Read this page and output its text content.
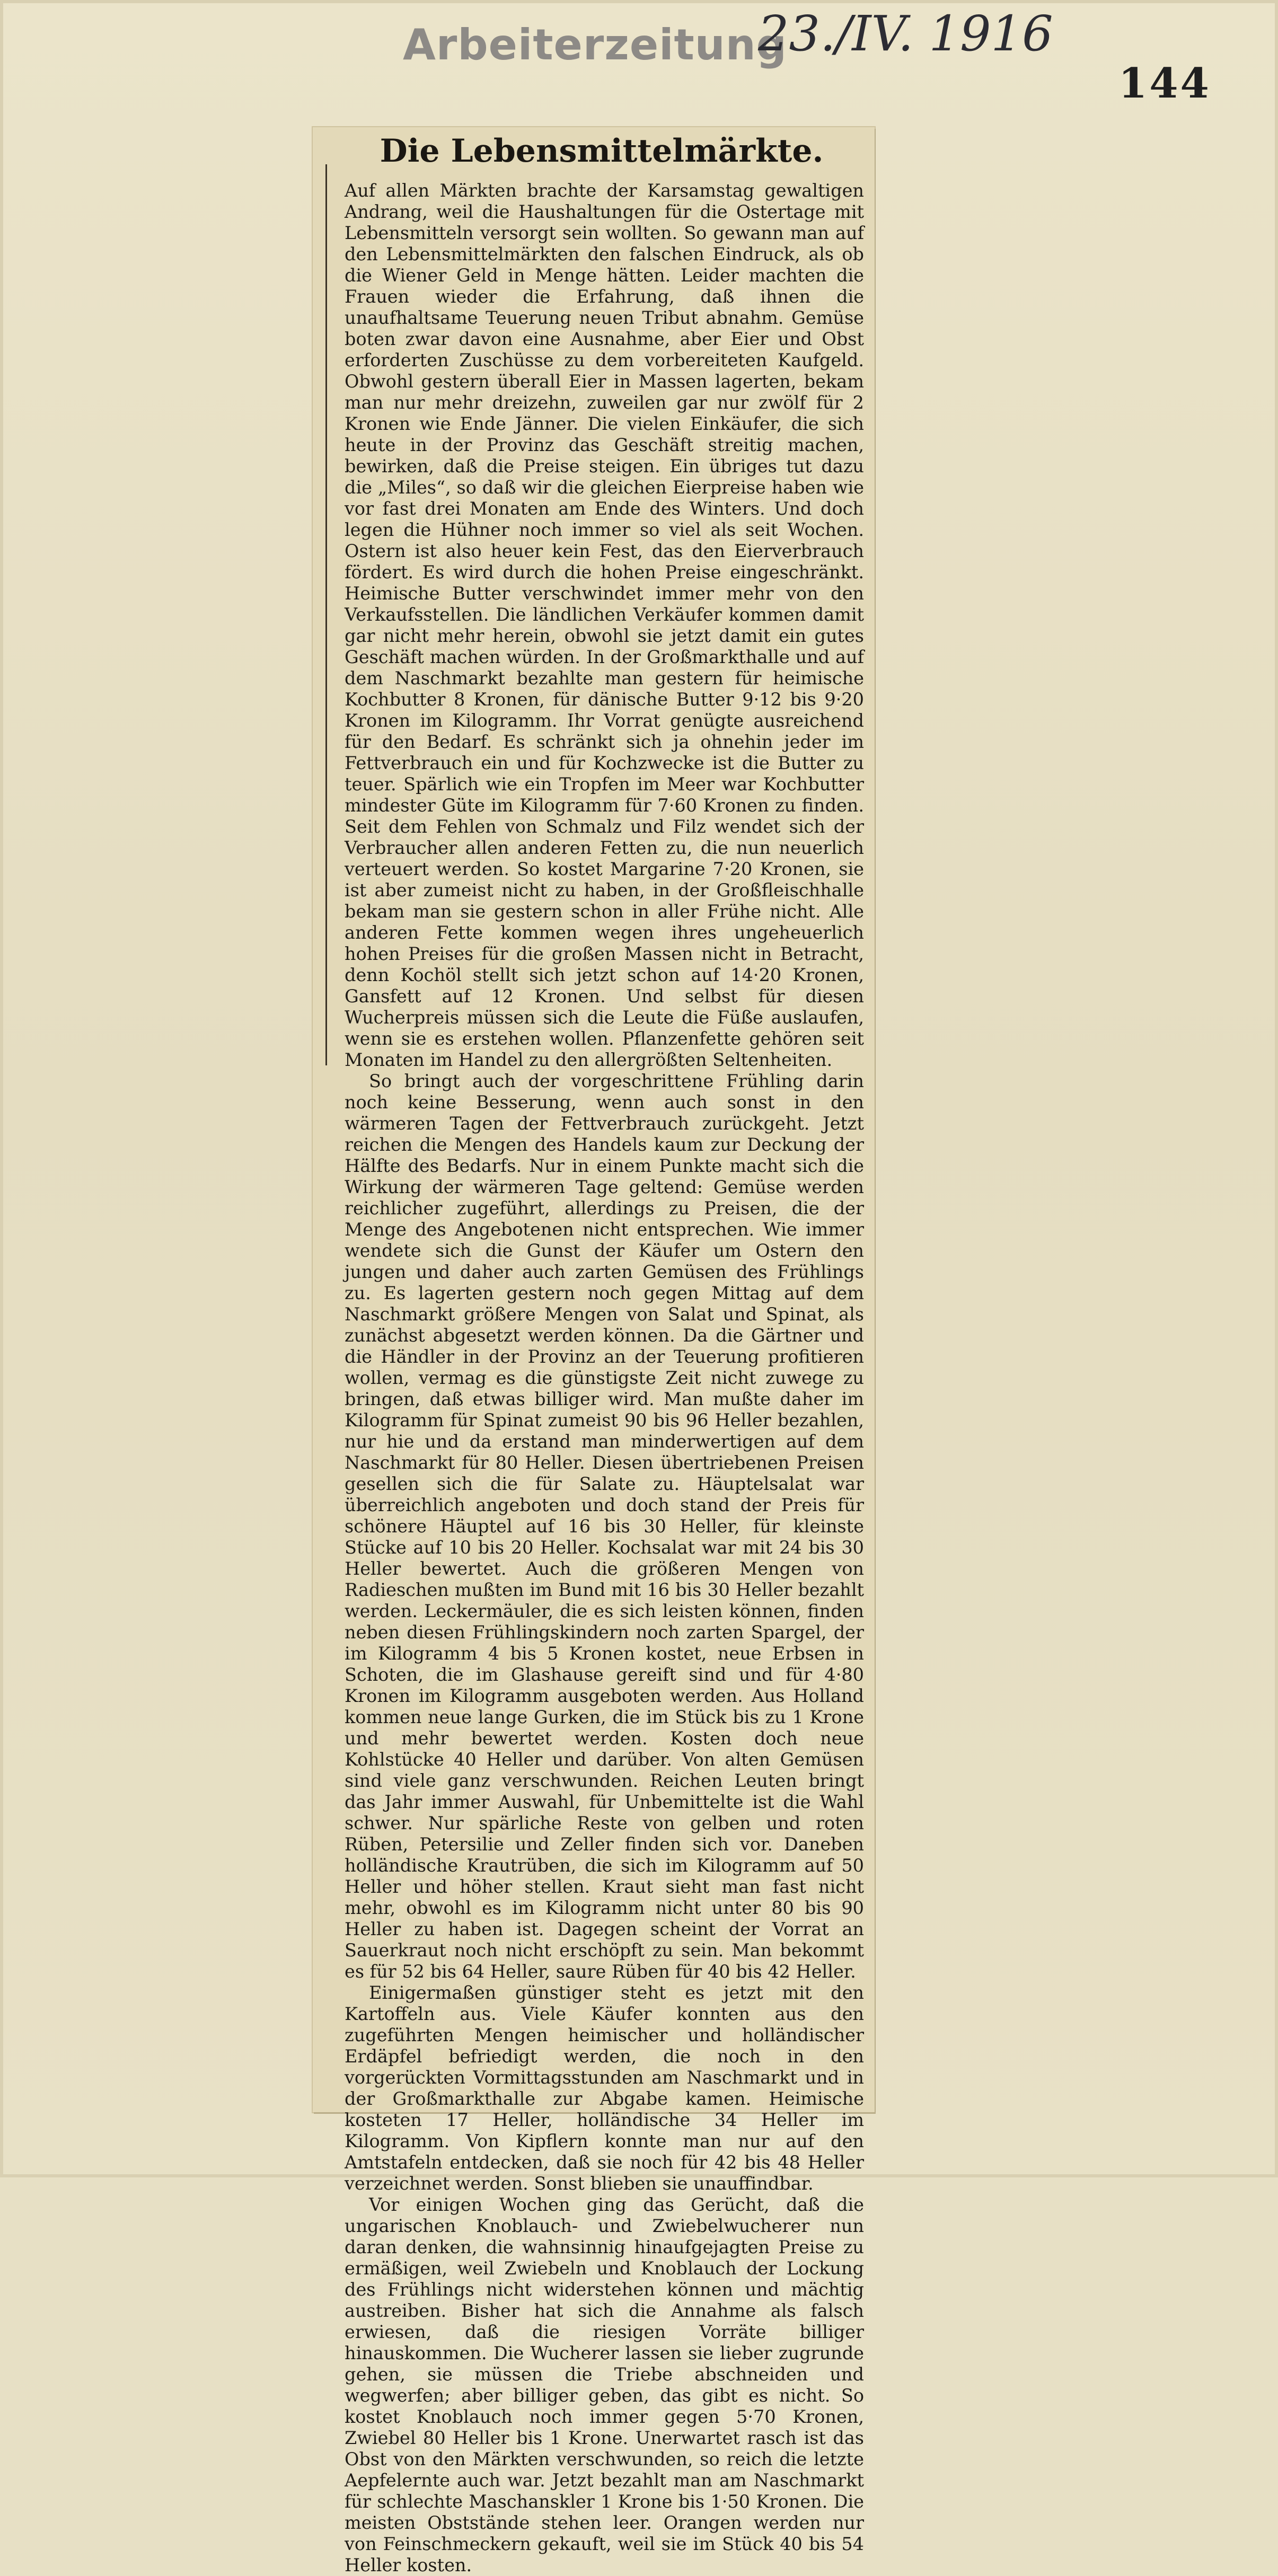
Arbeiterzeitung
23./IV. 1916
144
Die Lebensmittelmärkte.

Auf allen Märkten brachte der Karsamstag gewaltigen Andrang, weil die Haushaltungen für die Ostertage mit Lebensmitteln versorgt sein wollten. So gewann man auf den Lebensmittelmärkten den falschen Eindruck, als ob die Wiener Geld in Menge hätten. Leider machten die Frauen wieder die Erfahrung, daß ihnen die unaufhaltsame Teuerung neuen Tribut abnahm. Gemüse boten zwar davon eine Ausnahme, aber Eier und Obst erforderten Zuschüsse zu dem vorbereiteten Kaufgeld. Obwohl gestern überall Eier in Massen lagerten, bekam man nur mehr dreizehn, zuweilen gar nur zwölf für 2 Kronen wie Ende Jänner. Die vielen Einkäufer, die sich heute in der Provinz das Geschäft streitig machen, bewirken, daß die Preise steigen. Ein übriges tut dazu die „Miles“, so daß wir die gleichen Eierpreise haben wie vor fast drei Monaten am Ende des Winters. Und doch legen die Hühner noch immer so viel als seit Wochen. Ostern ist also heuer kein Fest, das den Eierverbrauch fördert. Es wird durch die hohen Preise eingeschränkt. Heimische Butter verschwindet immer mehr von den Verkaufsstellen. Die ländlichen Verkäufer kommen damit gar nicht mehr herein, obwohl sie jetzt damit ein gutes Geschäft machen würden. In der Großmarkthalle und auf dem Naschmarkt bezahlte man gestern für heimische Kochbutter 8 Kronen, für dänische Butter 9·12 bis 9·20 Kronen im Kilogramm. Ihr Vorrat genügte ausreichend für den Bedarf. Es schränkt sich ja ohnehin jeder im Fettverbrauch ein und für Kochzwecke ist die Butter zu teuer. Spärlich wie ein Tropfen im Meer war Kochbutter mindester Güte im Kilogramm für 7·60 Kronen zu finden. Seit dem Fehlen von Schmalz und Filz wendet sich der Verbraucher allen anderen Fetten zu, die nun neuerlich verteuert werden. So kostet Margarine 7·20 Kronen, sie ist aber zumeist nicht zu haben, in der Großfleischhalle bekam man sie gestern schon in aller Frühe nicht. Alle anderen Fette kommen wegen ihres ungeheuerlich hohen Preises für die großen Massen nicht in Betracht, denn Kochöl stellt sich jetzt schon auf 14·20 Kronen, Gansfett auf 12 Kronen. Und selbst für diesen Wucherpreis müssen sich die Leute die Füße auslaufen, wenn sie es erstehen wollen. Pflanzenfette gehören seit Monaten im Handel zu den allergrößten Seltenheiten.

So bringt auch der vorgeschrittene Frühling darin noch keine Besserung, wenn auch sonst in den wärmeren Tagen der Fettverbrauch zurückgeht. Jetzt reichen die Mengen des Handels kaum zur Deckung der Hälfte des Bedarfs. Nur in einem Punkte macht sich die Wirkung der wärmeren Tage geltend: Gemüse werden reichlicher zugeführt, allerdings zu Preisen, die der Menge des Angebotenen nicht entsprechen. Wie immer wendete sich die Gunst der Käufer um Ostern den jungen und daher auch zarten Gemüsen des Frühlings zu. Es lagerten gestern noch gegen Mittag auf dem Naschmarkt größere Mengen von Salat und Spinat, als zunächst abgesetzt werden können. Da die Gärtner und die Händler in der Provinz an der Teuerung profitieren wollen, vermag es die günstigste Zeit nicht zuwege zu bringen, daß etwas billiger wird. Man mußte daher im Kilogramm für Spinat zumeist 90 bis 96 Heller bezahlen, nur hie und da erstand man minderwertigen auf dem Naschmarkt für 80 Heller. Diesen übertriebenen Preisen gesellen sich die für Salate zu. Häuptelsalat war überreichlich angeboten und doch stand der Preis für schönere Häuptel auf 16 bis 30 Heller, für kleinste Stücke auf 10 bis 20 Heller. Kochsalat war mit 24 bis 30 Heller bewertet. Auch die größeren Mengen von Radieschen mußten im Bund mit 16 bis 30 Heller bezahlt werden. Leckermäuler, die es sich leisten können, finden neben diesen Frühlingskindern noch zarten Spargel, der im Kilogramm 4 bis 5 Kronen kostet, neue Erbsen in Schoten, die im Glashause gereift sind und für 4·80 Kronen im Kilogramm ausgeboten werden. Aus Holland kommen neue lange Gurken, die im Stück bis zu 1 Krone und mehr bewertet werden. Kosten doch neue Kohlstücke 40 Heller und darüber. Von alten Gemüsen sind viele ganz verschwunden. Reichen Leuten bringt das Jahr immer Auswahl, für Unbemittelte ist die Wahl schwer. Nur spärliche Reste von gelben und roten Rüben, Petersilie und Zeller finden sich vor. Daneben holländische Krautrüben, die sich im Kilogramm auf 50 Heller und höher stellen. Kraut sieht man fast nicht mehr, obwohl es im Kilogramm nicht unter 80 bis 90 Heller zu haben ist. Dagegen scheint der Vorrat an Sauerkraut noch nicht erschöpft zu sein. Man bekommt es für 52 bis 64 Heller, saure Rüben für 40 bis 42 Heller.

Einigermaßen günstiger steht es jetzt mit den Kartoffeln aus. Viele Käufer konnten aus den zugeführten Mengen heimischer und holländischer Erdäpfel befriedigt werden, die noch in den vorgerückten Vormittagsstunden am Naschmarkt und in der Großmarkthalle zur Abgabe kamen. Heimische kosteten 17 Heller, holländische 34 Heller im Kilogramm. Von Kipflern konnte man nur auf den Amtstafeln entdecken, daß sie noch für 42 bis 48 Heller verzeichnet werden. Sonst blieben sie unauffindbar.

Vor einigen Wochen ging das Gerücht, daß die ungarischen Knoblauch- und Zwiebelwucherer nun daran denken, die wahnsinnig hinaufgejagten Preise zu ermäßigen, weil Zwiebeln und Knoblauch der Lockung des Frühlings nicht widerstehen können und mächtig austreiben. Bisher hat sich die Annahme als falsch erwiesen, daß die riesigen Vorräte billiger hinauskommen. Die Wucherer lassen sie lieber zugrunde gehen, sie müssen die Triebe abschneiden und wegwerfen; aber billiger geben, das gibt es nicht. So kostet Knoblauch noch immer gegen 5·70 Kronen, Zwiebel 80 Heller bis 1 Krone. Unerwartet rasch ist das Obst von den Märkten verschwunden, so reich die letzte Aepfelernte auch war. Jetzt bezahlt man am Naschmarkt für schlechte Maschanskler 1 Krone bis 1·50 Kronen. Die meisten Obstständе stehen leer. Orangen werden nur von Feinschmeckern gekauft, weil sie im Stück 40 bis 54 Heller kosten.
